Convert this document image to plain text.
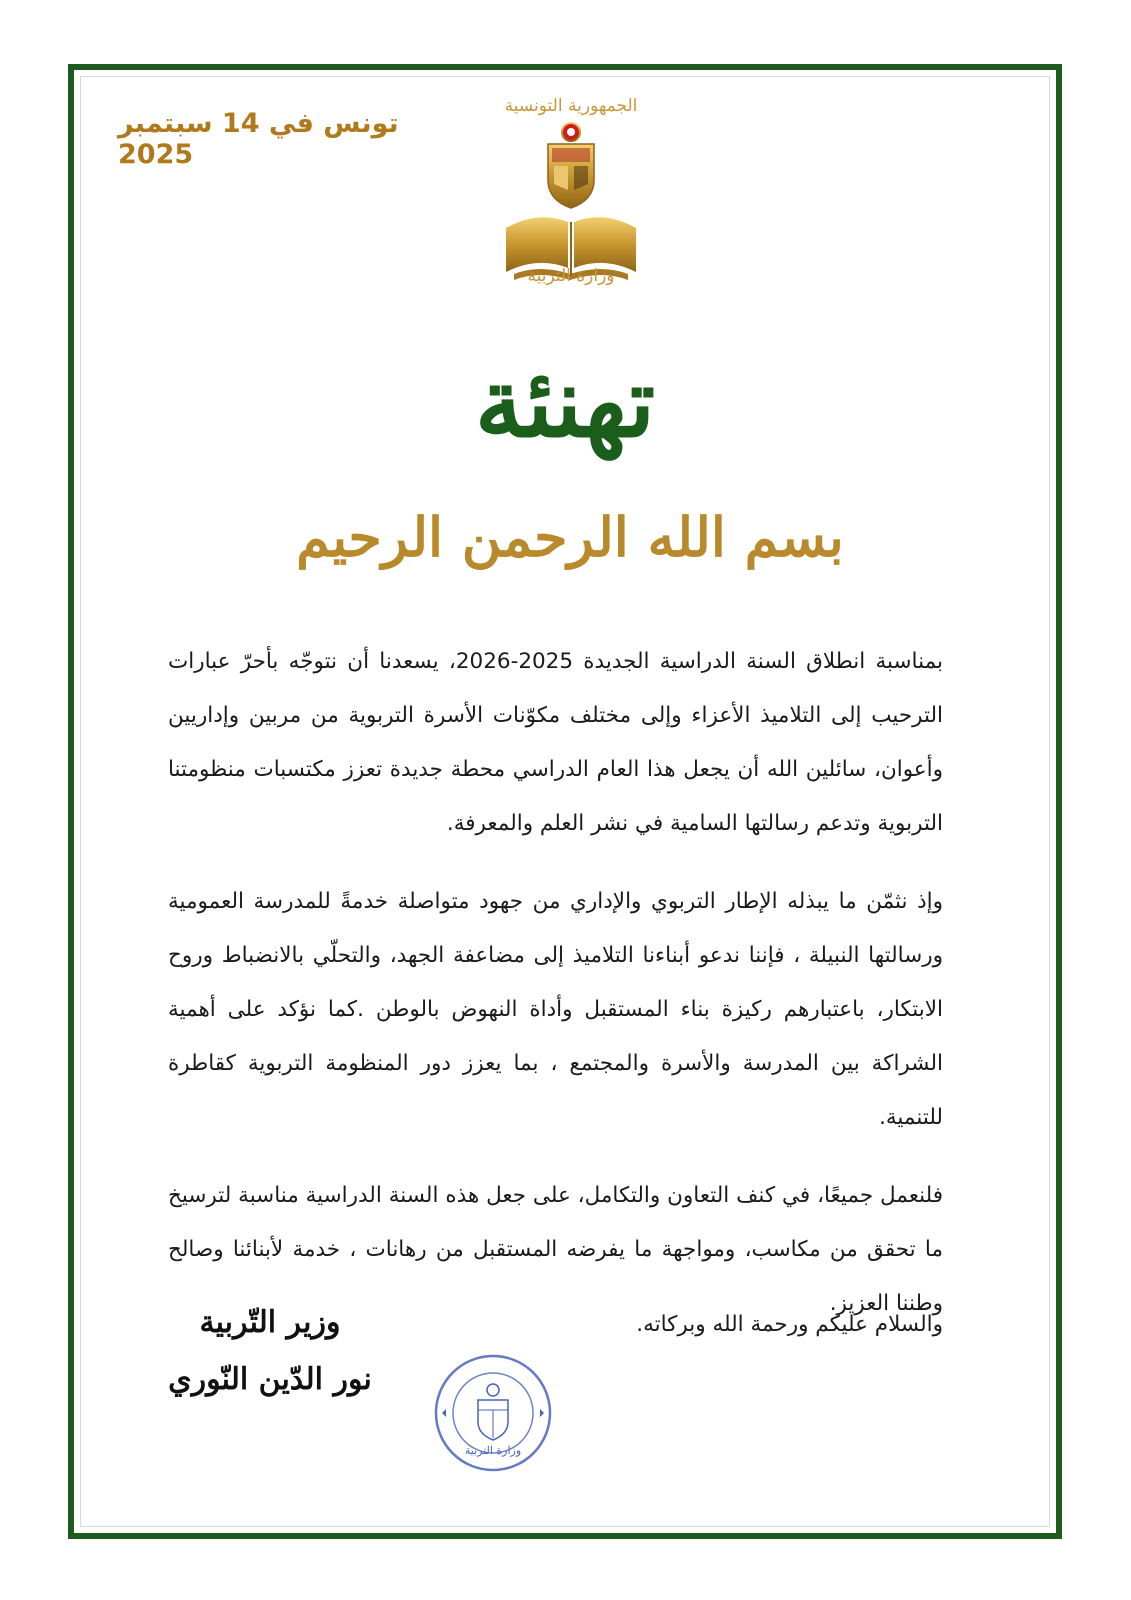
تونس في 14 سبتمبر 2025
الجمهورية التونسية
وزارة التربية
تهنئة
بسم الله الرحمن الرحيم

بمناسبة انطلاق السنة الدراسية الجديدة 2025-2026، يسعدنا أن نتوجّه بأحرّ عبارات الترحيب إلى التلاميذ الأعزاء وإلى مختلف مكوّنات الأسرة التربوية من مربين وإداريين وأعوان، سائلين الله أن يجعل هذا العام الدراسي محطة جديدة تعزز مكتسبات منظومتنا التربوية وتدعم رسالتها السامية في نشر العلم والمعرفة.

وإذ نثمّن ما يبذله الإطار التربوي والإداري من جهود متواصلة خدمةً للمدرسة العمومية ورسالتها النبيلة ، فإننا ندعو أبناءنا التلاميذ إلى مضاعفة الجهد، والتحلّي بالانضباط وروح الابتكار، باعتبارهم ركيزة بناء المستقبل وأداة النهوض بالوطن .كما نؤكد على أهمية الشراكة بين المدرسة والأسرة والمجتمع ، بما يعزز دور المنظومة التربوية كقاطرة للتنمية.

فلنعمل جميعًا، في كنف التعاون والتكامل، على جعل هذه السنة الدراسية مناسبة لترسيخ ما تحقق من مكاسب، ومواجهة ما يفرضه المستقبل من رهانات ، خدمة لأبنائنا وصالح وطننا العزيز.

والسلام عليكم ورحمة الله وبركاته.
وزير التّربية
نور الدّين النّوري
وزارة التربية
